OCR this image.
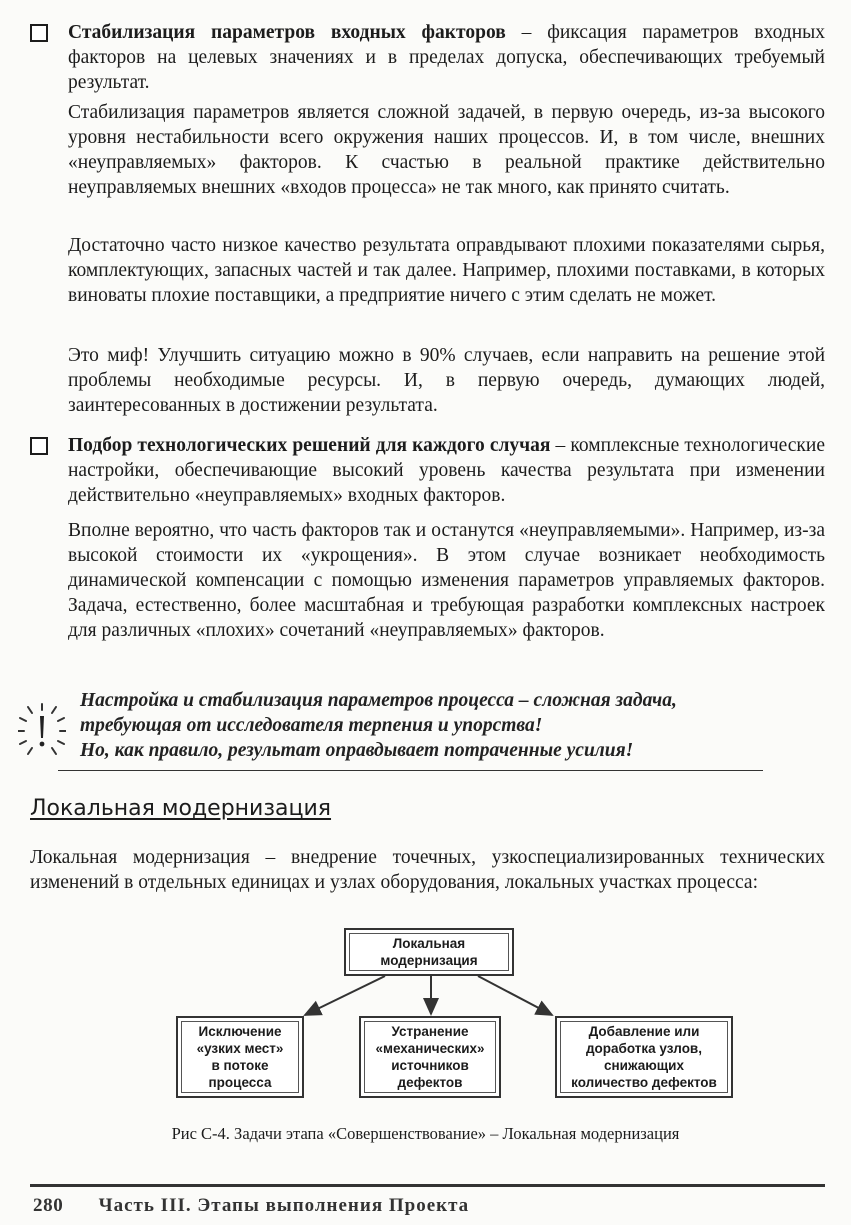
Стабилизация параметров входных факторов – фиксация параметров входных факторов на целевых значениях и в пределах допуска, обеспечивающих требуемый результат.

Стабилизация параметров является сложной задачей, в первую очередь, из-за высокого уровня нестабильности всего окружения наших процессов. И, в том числе, внешних «неуправляемых» факторов. К счастью в реальной практике действительно неуправляемых внешних «входов процесса» не так много, как принято считать.

Достаточно часто низкое качество результата оправдывают плохими показателями сырья, комплектующих, запасных частей и так далее. Например, плохими поставками, в которых виноваты плохие поставщики, а предприятие ничего с этим сделать не может.

Это миф! Улучшить ситуацию можно в 90% случаев, если направить на решение этой проблемы необходимые ресурсы. И, в первую очередь, думающих людей, заинтересованных в достижении результата.

Подбор технологических решений для каждого случая – комплексные технологические настройки, обеспечивающие высокий уровень качества результата при изменении действительно «неуправляемых» входных факторов.

Вполне вероятно, что часть факторов так и останутся «неуправляемыми». Например, из-за высокой стоимости их «укрощения». В этом случае возникает необходимость динамической компенсации с помощью изменения параметров управляемых факторов. Задача, естественно, более масштабная и требующая разработки комплексных настроек для различных «плохих» сочетаний «неуправляемых» факторов.

Настройка и стабилизация параметров процесса – сложная задача,
требующая от исследователя терпения и упорства!
Но, как правило, результат оправдывает потраченные усилия!
Локальная модернизация

Локальная модернизация – внедрение точечных, узкоспециализированных технических изменений в отдельных единицах и узлах оборудования, локальных участках процесса:

Локальная
модернизация
Исключение
«узких мест»
в потоке
процесса
Устранение
«механических»
источников
дефектов
Добавление или
доработка узлов,
снижающих
количество дефектов
Рис С-4. Задачи этапа «Совершенствование» – Локальная модернизация
280 Часть III. Этапы выполнения Проекта
